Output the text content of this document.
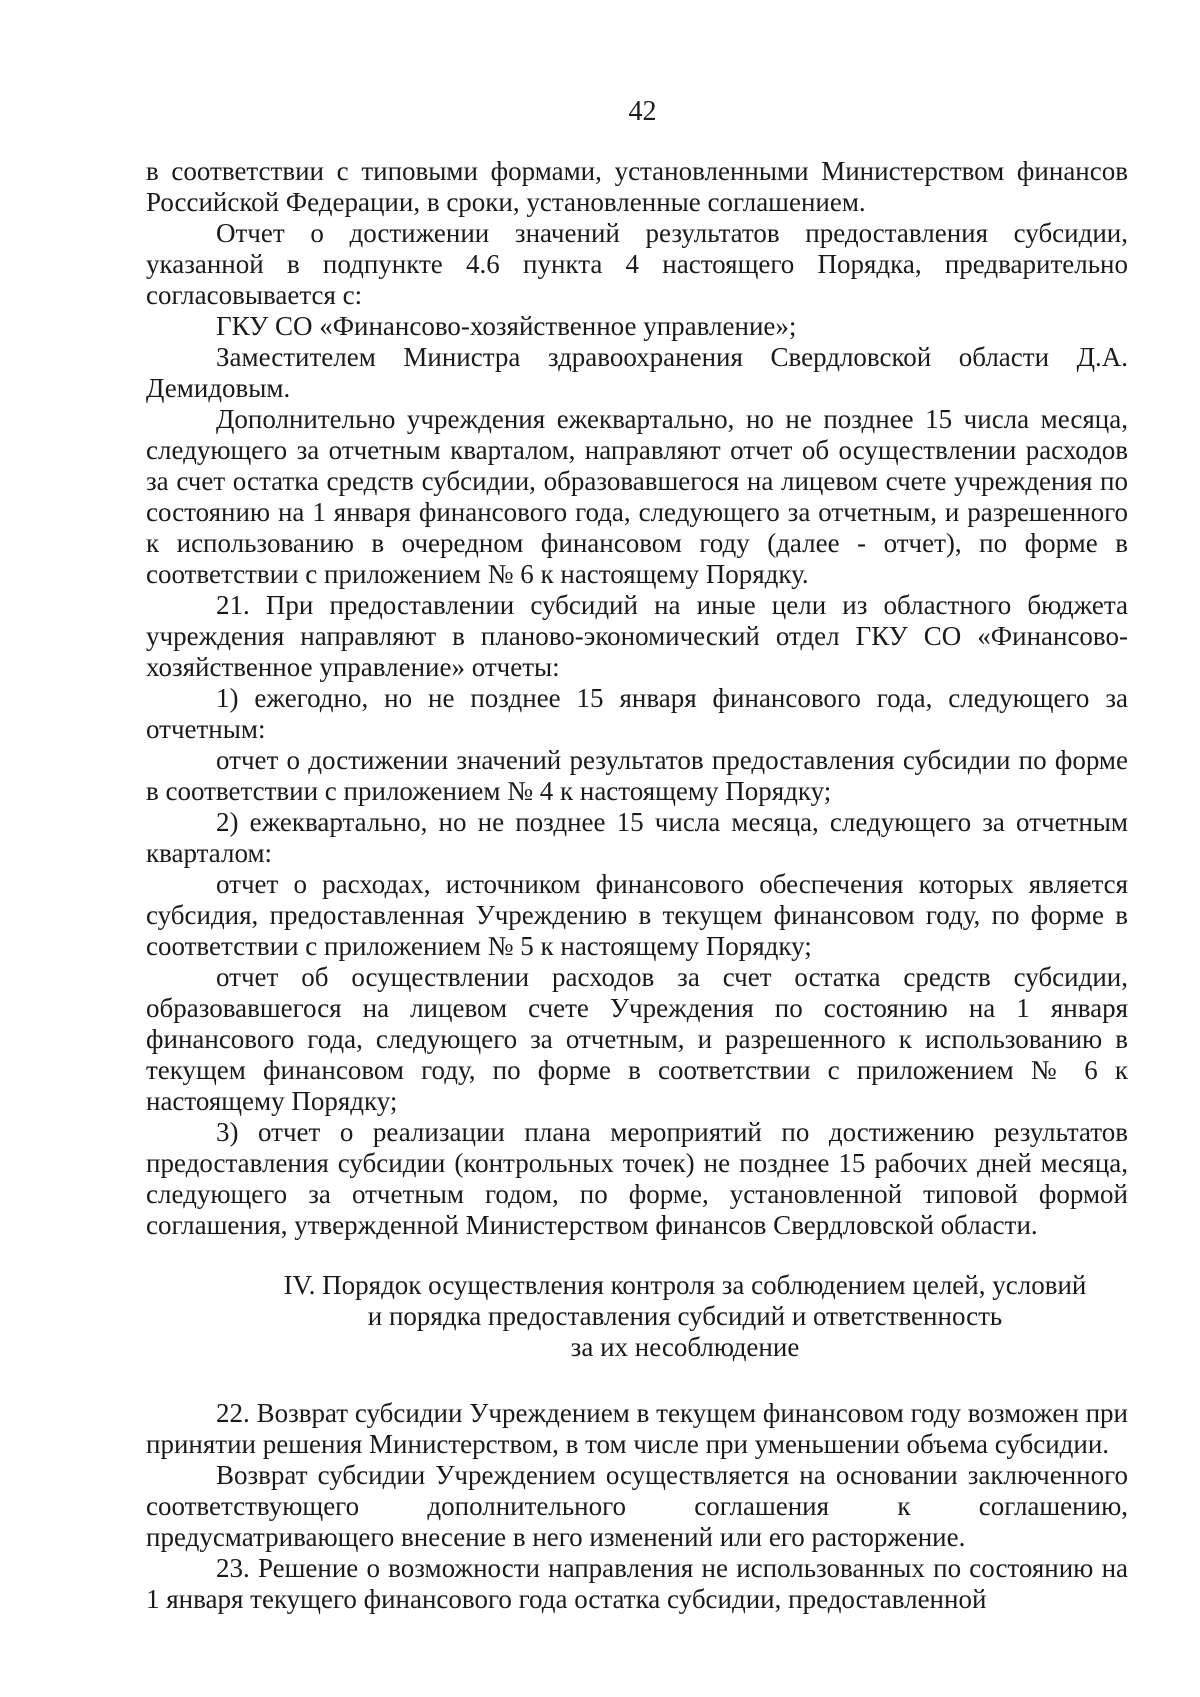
42

в соответствии с типовыми формами, установленными Министерством финансов Российской Федерации, в сроки, установленные соглашением.

Отчет о достижении значений результатов предоставления субсидии, указанной в подпункте 4.6 пункта 4 настоящего Порядка, предварительно согласовывается с:

ГКУ СО «Финансово-хозяйственное управление»;

Заместителем Министра здравоохранения Свердловской области Д.А. Демидовым.

Дополнительно учреждения ежеквартально, но не позднее 15 числа месяца, следующего за отчетным кварталом, направляют отчет об осуществлении расходов за счет остатка средств субсидии, образовавшегося на лицевом счете учреждения по состоянию на 1 января финансового года, следующего за отчетным, и разрешенного к использованию в очередном финансовом году (далее - отчет), по форме в соответствии с приложением № 6 к настоящему Порядку.

21. При предоставлении субсидий на иные цели из областного бюджета учреждения направляют в планово-экономический отдел ГКУ СО «Финансово-хозяйственное управление» отчеты:

1) ежегодно, но не позднее 15 января финансового года, следующего за отчетным:

отчет о достижении значений результатов предоставления субсидии по форме в соответствии с приложением № 4 к настоящему Порядку;

2) ежеквартально, но не позднее 15 числа месяца, следующего за отчетным кварталом:

отчет о расходах, источником финансового обеспечения которых является субсидия, предоставленная Учреждению в текущем финансовом году, по форме в соответствии с приложением № 5 к настоящему Порядку;

отчет об осуществлении расходов за счет остатка средств субсидии, образовавшегося на лицевом счете Учреждения по состоянию на 1 января финансового года, следующего за отчетным, и разрешенного к использованию в текущем финансовом году, по форме в соответствии с приложением № 6 к настоящему Порядку;

3) отчет о реализации плана мероприятий по достижению результатов предоставления субсидии (контрольных точек) не позднее 15 рабочих дней месяца, следующего за отчетным годом, по форме, установленной типовой формой соглашения, утвержденной Министерством финансов Свердловской области.

IV. Порядок осуществления контроля за соблюдением целей, условий
и порядка предоставления субсидий и ответственность
за их несоблюдение

22. Возврат субсидии Учреждением в текущем финансовом году возможен при принятии решения Министерством, в том числе при уменьшении объема субсидии.

Возврат субсидии Учреждением осуществляется на основании заключенного соответствующего дополнительного соглашения к соглашению, предусматривающего внесение в него изменений или его расторжение.

23. Решение о возможности направления не использованных по состоянию на 1 января текущего финансового года остатка субсидии, предоставленной
